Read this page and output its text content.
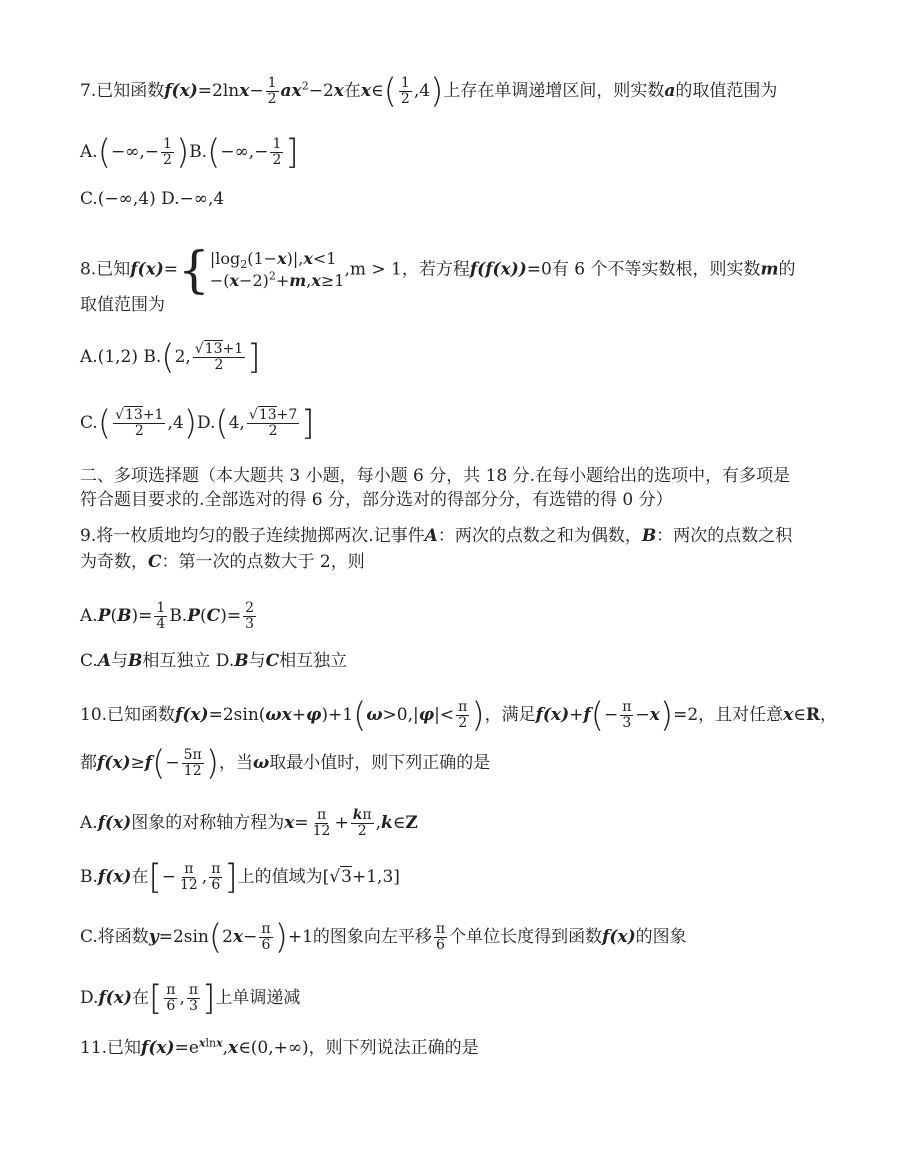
7.已知函数$f(x)=2\ln x- \frac{1}{2} ax^2-2x$在x∈( $\frac{1}{2} ,4$)上存在单调递增区间，则实数a的取值范围为
$A.(-\infty,- \frac{1}{2} )B.(-\infty,- \frac{1}{2}$ ]
C.(−∞,4) D.−∞,4
8.已知f(x)={ $|\log_2(1-x)|,x<1$
$-(x-2)^2+m,x\ge 1$
,m > 1，若方程f(f(x))=0有 6 个不等实数根，则实数m的
取值范围为
A.(1,2) B.(2, $\frac{√13+1}{2}$ ]
$C.( \frac{√13+1}{2} ,4)D.(4$, $\frac{√13+7}{2}$ ]
二、多项选择题（本大题共 3 小题，每小题 6 分，共 18 分.在每小题给出的选项中，有多项是
符合题目要求的.全部选对的得 6 分，部分选对的得部分分，有选错的得 0 分）
9.将一枚质地均匀的骰子连续抛掷两次.记事件A：两次的点数之和为偶数，B：两次的点数之积
为奇数，C：第一次的点数大于 2，则
$A.P(B)= \frac{1}{4} B.P(C)= \frac{2}{3}$
C.A与B相互独立 D.B与C相互独立
10.已知函数$f(x)=2\sin(\omega x+\varphi)+1(\omega>0,|\varphi|< \frac{\pi}{2}$ )，满足$f(x)+f(- \frac{\pi}{3} -x)=2$，且对任意x∈R，
都$f(x)\ge f(- \frac{5\pi}{12}$ )，当ω取最小值时，则下列正确的是
A.f(x)图象的对称轴方程为$x= \frac{\pi}{12} + \frac{k\pi}{2}$ ,k∈Z
B.f(x)在[− $\frac{\pi}{12}$ , $\frac{\pi}{6}$ ]上的值域为[√3+1,3]
C.将函数$y=2\sin(2x- \frac{\pi}{6} )+1$的图象向左平移 $\frac{\pi}{6}$ 个单位长度得到函数f(x)的图象
D.f(x)在[ $\frac{\pi}{6}$ , $\frac{\pi}{3}$ ]上单调递减
11.已知$f(x)=e^{xlnx},x\in(0,+\infty)$，则下列说法正确的是
